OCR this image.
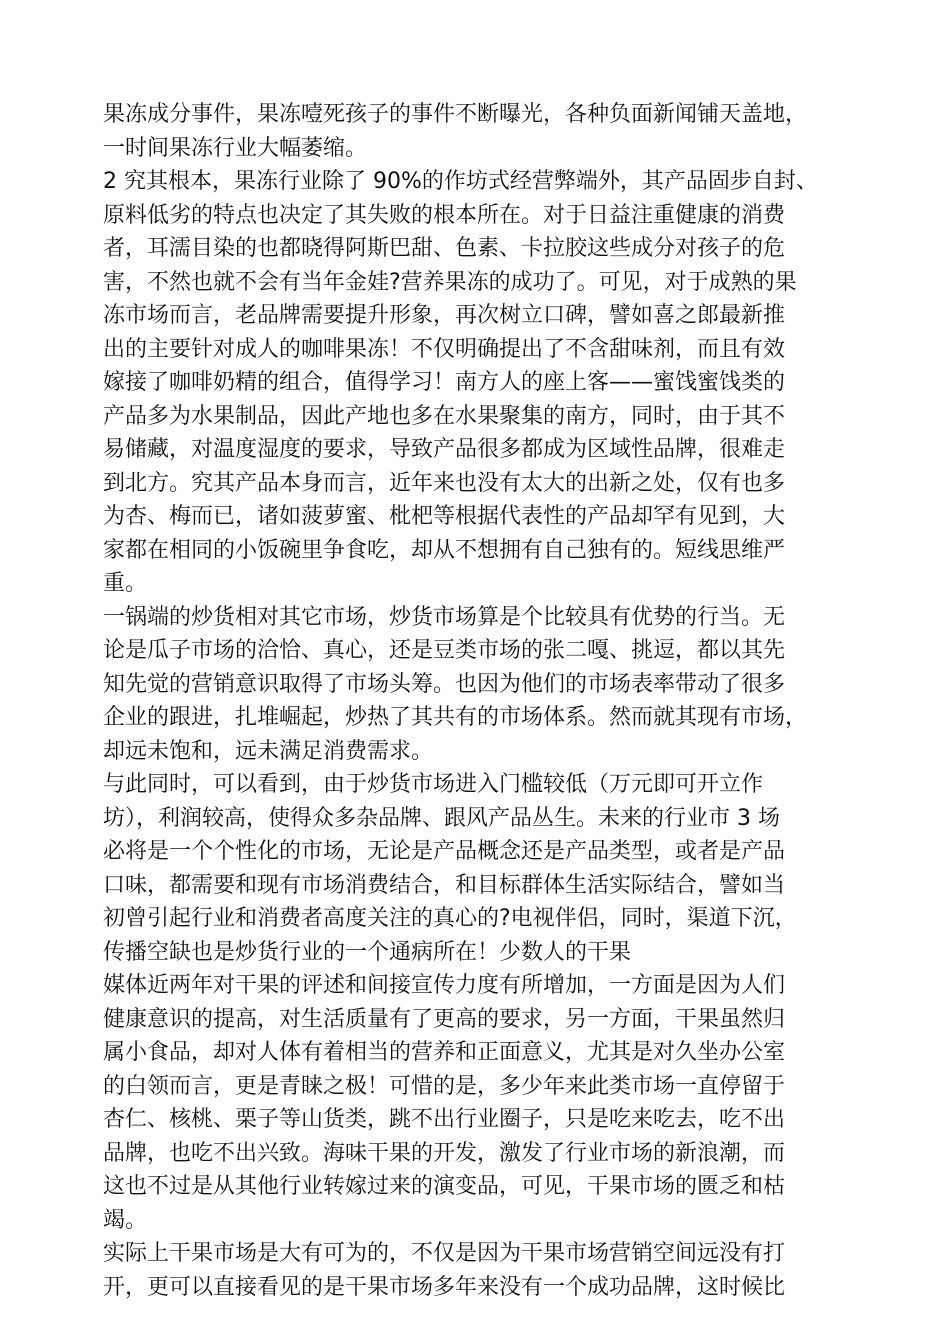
果冻成分事件，果冻噎死孩子的事件不断曝光，各种负面新闻铺天盖地，
一时间果冻行业大幅萎缩。
2 究其根本，果冻行业除了 90%的作坊式经营弊端外，其产品固步自封、
原料低劣的特点也决定了其失败的根本所在。对于日益注重健康的消费
者，耳濡目染的也都晓得阿斯巴甜、色素、卡拉胶这些成分对孩子的危
害，不然也就不会有当年金娃?营养果冻的成功了。可见，对于成熟的果
冻市场而言，老品牌需要提升形象，再次树立口碑，譬如喜之郎最新推
出的主要针对成人的咖啡果冻！不仅明确提出了不含甜味剂，而且有效
嫁接了咖啡奶精的组合，值得学习！南方人的座上客——蜜饯蜜饯类的
产品多为水果制品，因此产地也多在水果聚集的南方，同时，由于其不
易储藏，对温度湿度的要求，导致产品很多都成为区域性品牌，很难走
到北方。究其产品本身而言，近年来也没有太大的出新之处，仅有也多
为杏、梅而已，诸如菠萝蜜、枇杷等根据代表性的产品却罕有见到，大
家都在相同的小饭碗里争食吃，却从不想拥有自己独有的。短线思维严
重。
一锅端的炒货相对其它市场，炒货市场算是个比较具有优势的行当。无
论是瓜子市场的洽恰、真心，还是豆类市场的张二嘎、挑逗，都以其先
知先觉的营销意识取得了市场头筹。也因为他们的市场表率带动了很多
企业的跟进，扎堆崛起，炒热了其共有的市场体系。然而就其现有市场，
却远未饱和，远未满足消费需求。
与此同时，可以看到，由于炒货市场进入门槛较低（万元即可开立作
坊），利润较高，使得众多杂品牌、跟风产品丛生。未来的行业市 3 场
必将是一个个性化的市场，无论是产品概念还是产品类型，或者是产品
口味，都需要和现有市场消费结合，和目标群体生活实际结合，譬如当
初曾引起行业和消费者高度关注的真心的?电视伴侣，同时，渠道下沉，
传播空缺也是炒货行业的一个通病所在！少数人的干果
媒体近两年对干果的评述和间接宣传力度有所增加，一方面是因为人们
健康意识的提高，对生活质量有了更高的要求，另一方面，干果虽然归
属小食品，却对人体有着相当的营养和正面意义，尤其是对久坐办公室
的白领而言，更是青睐之极！可惜的是，多少年来此类市场一直停留于
杏仁、核桃、栗子等山货类，跳不出行业圈子，只是吃来吃去，吃不出
品牌，也吃不出兴致。海味干果的开发，激发了行业市场的新浪潮，而
这也不过是从其他行业转嫁过来的演变品，可见，干果市场的匮乏和枯
竭。
实际上干果市场是大有可为的，不仅是因为干果市场营销空间远没有打
开，更可以直接看见的是干果市场多年来没有一个成功品牌，这时候比
